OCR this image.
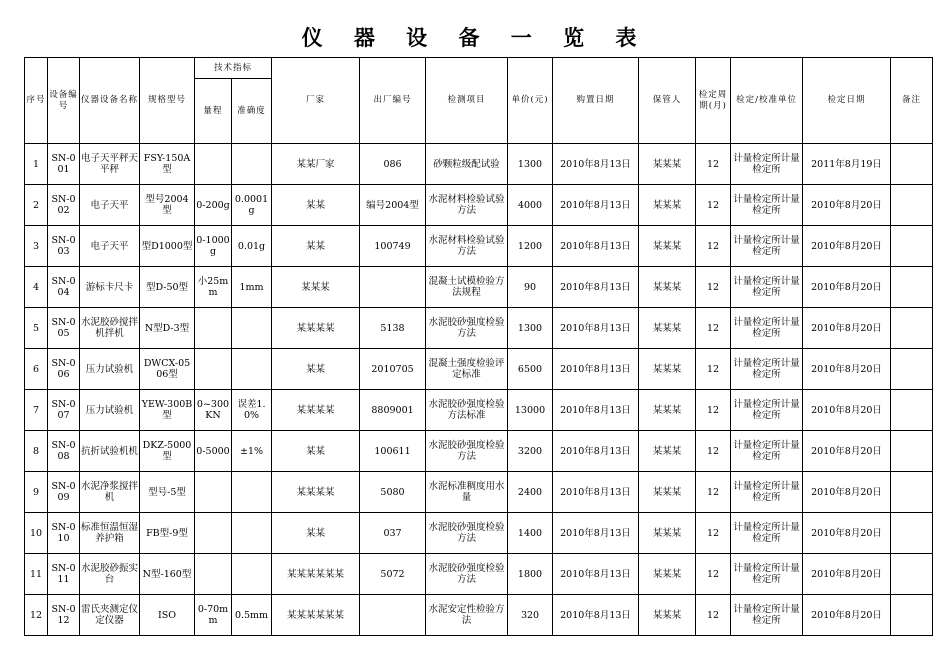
仪 器 设 备 一 览 表
序号	设备编号	仪器设备名称	规格型号	技术指标		厂家	出厂编号	检测项目	单价(元)	购置日期	保管人	检定周期(月)	检定/校准单位	检定日期	备注
				量程	准确度										
1	SN-001	电子天平秤天平秤	FSY-150A型			某某厂家	086	砂颗粒级配试验	1300	2010年8月13日	某某某	12	计量检定所计量检定所	2011年8月19日	
2	SN-002	电子天平	型号2004型	0-200g	0.0001g	某某	编号2004型	水泥材料检验试验方法	4000	2010年8月13日	某某某	12	计量检定所计量检定所	2010年8月20日	
3	SN-003	电子天平	型D1000型	0-1000g	0.01g	某某	100749	水泥材料检验试验方法	1200	2010年8月13日	某某某	12	计量检定所计量检定所	2010年8月20日	
4	SN-004	游标卡尺卡	型D-50型	小25mm	1mm	某某某		混凝土试模检验方法规程	90	2010年8月13日	某某某	12	计量检定所计量检定所	2010年8月20日	
5	SN-005	水泥胶砂搅拌机拌机	N型D-3型			某某某某	5138	水泥胶砂强度检验方法	1300	2010年8月13日	某某某	12	计量检定所计量检定所	2010年8月20日	
6	SN-006	压力试验机	DWCX-0506型			某某	2010705	混凝土强度检验评定标准	6500	2010年8月13日	某某某	12	计量检定所计量检定所	2010年8月20日	
7	SN-007	压力试验机	YEW-300B型	0~300KN	误差1.0%	某某某某	8809001	水泥胶砂强度检验方法标准	13000	2010年8月13日	某某某	12	计量检定所计量检定所	2010年8月20日	
8	SN-008	抗折试验机机	DKZ-5000型	0-5000	±1%	某某	100611	水泥胶砂强度检验方法	3200	2010年8月13日	某某某	12	计量检定所计量检定所	2010年8月20日	
9	SN-009	水泥净浆搅拌机	型号-5型			某某某某	5080	水泥标准稠度用水量	2400	2010年8月13日	某某某	12	计量检定所计量检定所	2010年8月20日	
10	SN-010	标准恒温恒湿养护箱	FB型-9型			某某	037	水泥胶砂强度检验方法	1400	2010年8月13日	某某某	12	计量检定所计量检定所	2010年8月20日	
11	SN-011	水泥胶砂振实台	N型-160型			某某某某某某	5072	水泥胶砂强度检验方法	1800	2010年8月13日	某某某	12	计量检定所计量检定所	2010年8月20日	
12	SN-012	雷氏夹测定仪定仪器	ISO	0-70mm	0.5mm	某某某某某某		水泥安定性检验方法	320	2010年8月13日	某某某	12	计量检定所计量检定所	2010年8月20日	
